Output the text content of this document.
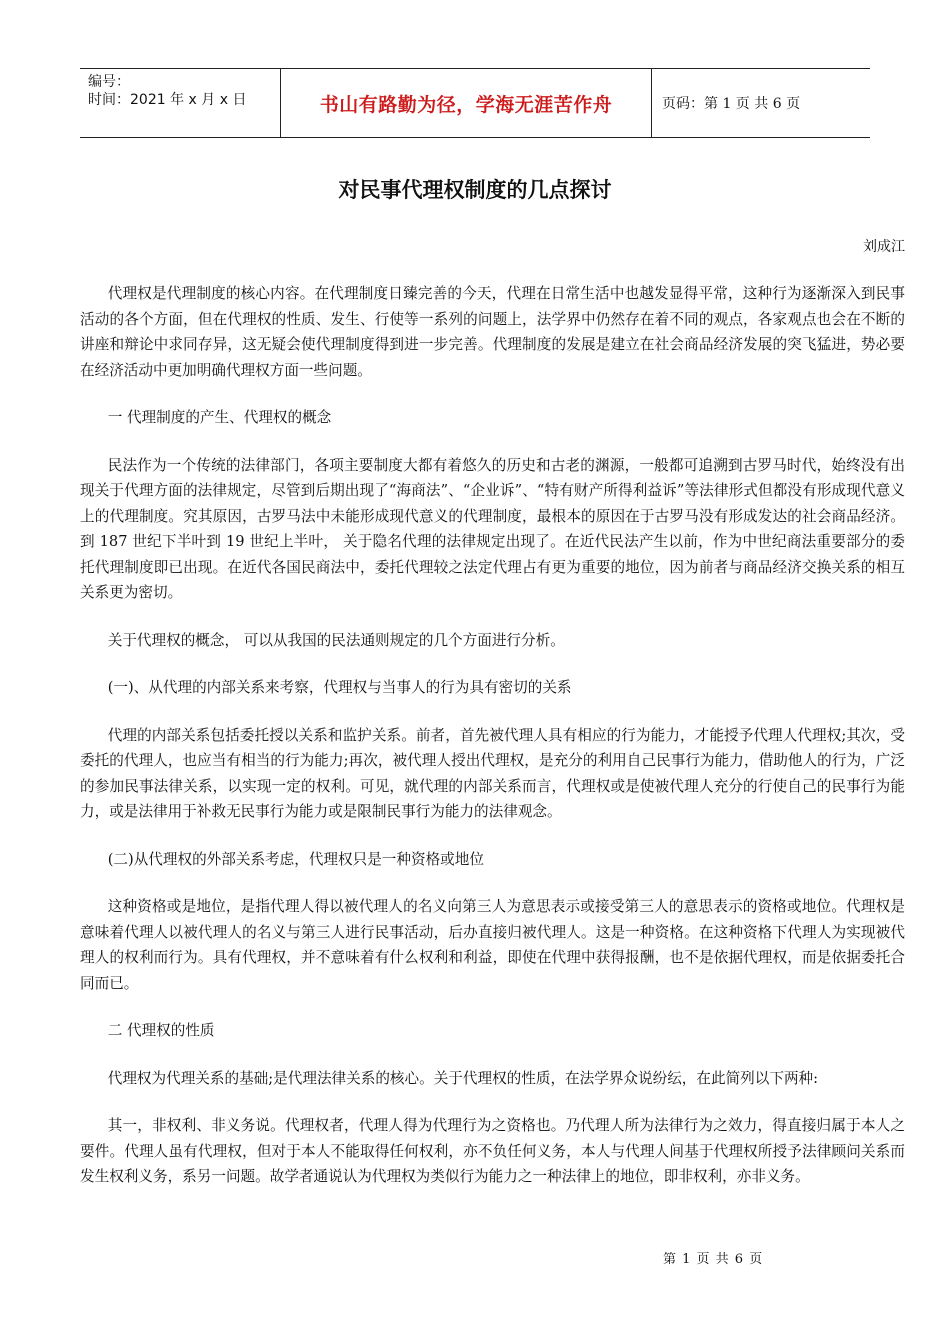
编号：
时间：2021 年 x 月 x 日	书山有路勤为径，学海无涯苦作舟	页码：第 1 页 共 6 页
对民事代理权制度的几点探讨
刘成江

代理权是代理制度的核心内容。在代理制度日臻完善的今天，代理在日常生活中也越发显得平常，这种行为逐渐深入到民事活动的各个方面，但在代理权的性质、发生、行使等一系列的问题上，法学界中仍然存在着不同的观点，各家观点也会在不断的讲座和辩论中求同存异，这无疑会使代理制度得到进一步完善。代理制度的发展是建立在社会商品经济发展的突飞猛进，势必要在经济活动中更加明确代理权方面一些问题。

一 代理制度的产生、代理权的概念

民法作为一个传统的法律部门，各项主要制度大都有着悠久的历史和古老的渊源，一般都可追溯到古罗马时代，始终没有出现关于代理方面的法律规定，尽管到后期出现了“海商法”、“企业诉”、“特有财产所得利益诉”等法律形式但都没有形成现代意义上的代理制度。究其原因，古罗马法中未能形成现代意义的代理制度，最根本的原因在于古罗马没有形成发达的社会商品经济。到 187 世纪下半叶到 19 世纪上半叶， 关于隐名代理的法律规定出现了。在近代民法产生以前，作为中世纪商法重要部分的委托代理制度即已出现。在近代各国民商法中，委托代理较之法定代理占有更为重要的地位，因为前者与商品经济交换关系的相互关系更为密切。

关于代理权的概念， 可以从我国的民法通则规定的几个方面进行分析。

(一)、从代理的内部关系来考察，代理权与当事人的行为具有密切的关系

代理的内部关系包括委托授以关系和监护关系。前者，首先被代理人具有相应的行为能力，才能授予代理人代理权;其次，受委托的代理人，也应当有相当的行为能力;再次，被代理人授出代理权，是充分的利用自己民事行为能力，借助他人的行为，广泛的参加民事法律关系，以实现一定的权利。可见，就代理的内部关系而言，代理权或是使被代理人充分的行使自己的民事行为能力，或是法律用于补救无民事行为能力或是限制民事行为能力的法律观念。

(二)从代理权的外部关系考虑，代理权只是一种资格或地位

这种资格或是地位，是指代理人得以被代理人的名义向第三人为意思表示或接受第三人的意思表示的资格或地位。代理权是意味着代理人以被代理人的名义与第三人进行民事活动，后办直接归被代理人。这是一种资格。在这种资格下代理人为实现被代理人的权利而行为。具有代理权，并不意味着有什么权利和利益，即使在代理中获得报酬，也不是依据代理权，而是依据委托合同而已。

二 代理权的性质

代理权为代理关系的基础;是代理法律关系的核心。关于代理权的性质，在法学界众说纷纭，在此简列以下两种:

其一，非权利、非义务说。代理权者，代理人得为代理行为之资格也。乃代理人所为法律行为之效力，得直接归属于本人之要件。代理人虽有代理权，但对于本人不能取得任何权利，亦不负任何义务，本人与代理人间基于代理权所授予法律顾问关系而发生权利义务，系另一问题。故学者通说认为代理权为类似行为能力之一种法律上的地位，即非权利，亦非义务。

第 1 页 共 6 页
